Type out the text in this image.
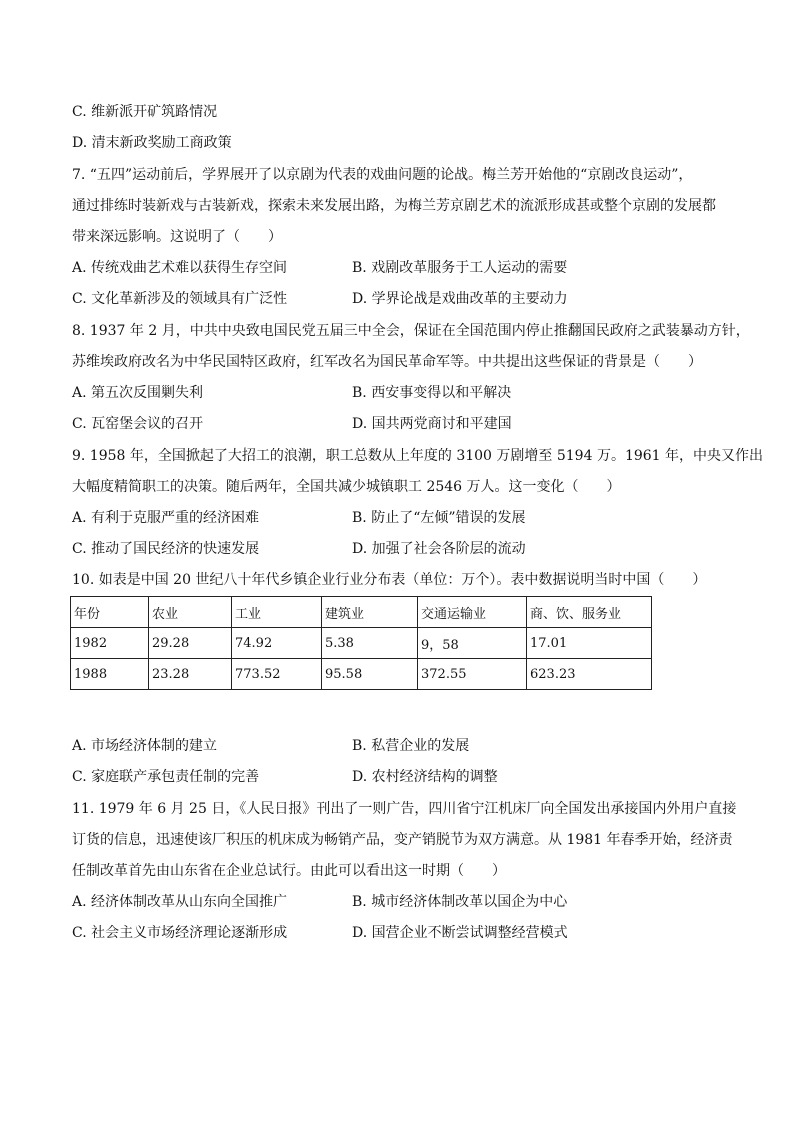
C. 维新派开矿筑路情况
D. 清末新政奖励工商政策
7. “五四”运动前后，学界展开了以京剧为代表的戏曲问题的论战。梅兰芳开始他的“京剧改良运动”，
通过排练时装新戏与古装新戏，探索未来发展出路，为梅兰芳京剧艺术的流派形成甚或整个京剧的发展都
带来深远影响。这说明了（　　）
A. 传统戏曲艺术难以获得生存空间	B. 戏剧改革服务于工人运动的需要
C. 文化革新涉及的领域具有广泛性	D. 学界论战是戏曲改革的主要动力
8. 1937 年 2 月，中共中央致电国民党五届三中全会，保证在全国范围内停止推翻国民政府之武装暴动方针，
苏维埃政府改名为中华民国特区政府，红军改名为国民革命军等。中共提出这些保证的背景是（　　）
A. 第五次反围剿失利	B. 西安事变得以和平解决
C. 瓦窑堡会议的召开	D. 国共两党商讨和平建国
9. 1958 年，全国掀起了大招工的浪潮，职工总数从上年度的 3100 万剧增至 5194 万。1961 年，中央又作出
大幅度精简职工的决策。随后两年，全国共减少城镇职工 2546 万人。这一变化（　　）
A. 有利于克服严重的经济困难	B. 防止了“左倾”错误的发展
C. 推动了国民经济的快速发展	D. 加强了社会各阶层的流动
10. 如表是中国 20 世纪八十年代乡镇企业行业分布表（单位：万个）。表中数据说明当时中国（　　）
年份	农业	工业	建筑业	交通运输业	商、饮、服务业
1982	29.28	74.92	5.38	9，58	17.01
1988	23.28	773.52	95.58	372.55	623.23
A. 市场经济体制的建立	B. 私营企业的发展
C. 家庭联产承包责任制的完善	D. 农村经济结构的调整
11. 1979 年 6 月 25 日，《人民日报》刊出了一则广告，四川省宁江机床厂向全国发出承接国内外用户直接
订货的信息，迅速使该厂积压的机床成为畅销产品，变产销脱节为双方满意。从 1981 年春季开始，经济责
任制改革首先由山东省在企业总试行。由此可以看出这一时期（　　）
A. 经济体制改革从山东向全国推广	B. 城市经济体制改革以国企为中心
C. 社会主义市场经济理论逐渐形成	D. 国营企业不断尝试调整经营模式
